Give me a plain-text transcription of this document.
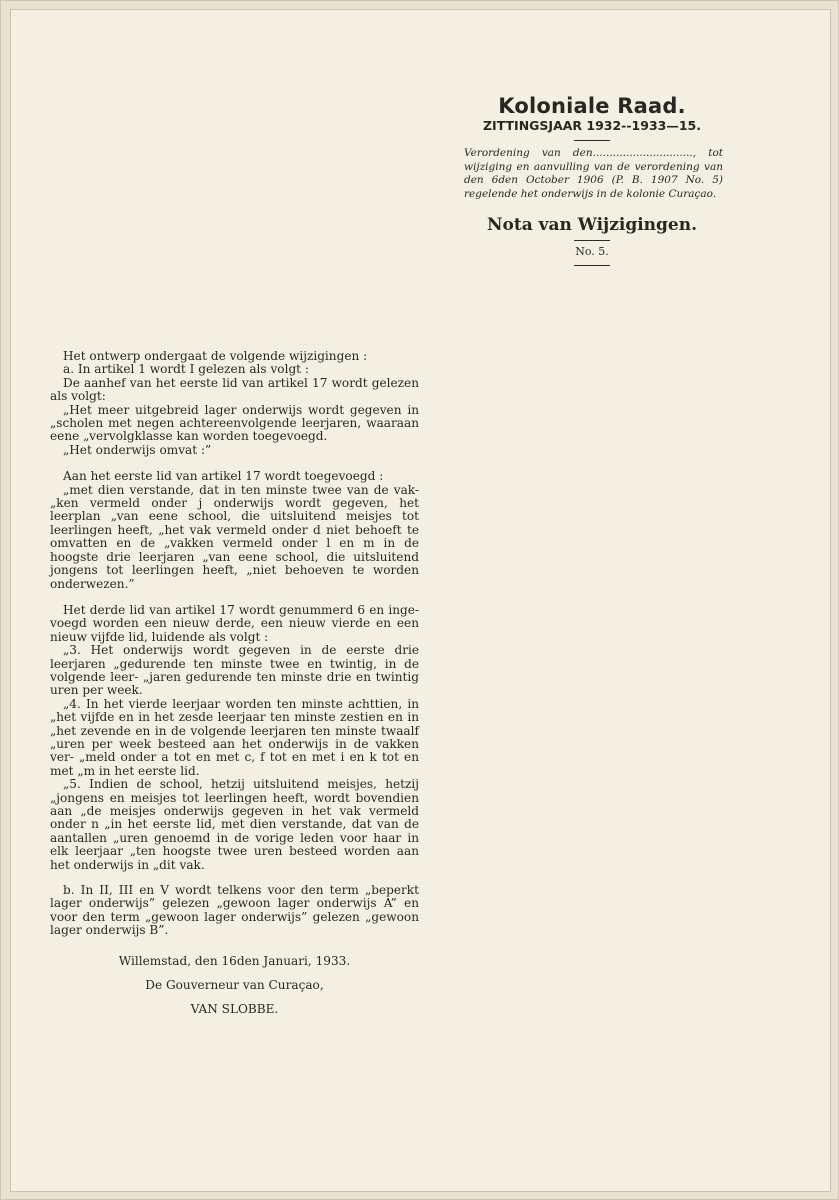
Koloniale Raad.
ZITTINGSJAAR 1932--1933—15.
Verordening van den.............................., tot wijziging en aanvulling van de verordening van den 6den October 1906 (P. B. 1907 No. 5) regelende het onderwijs in de kolonie Curaçao.
Nota van Wijzigingen.
No. 5.

Het ontwerp ondergaat de volgende wijzigingen :

a. In artikel 1 wordt I gelezen als volgt :

De aanhef van het eerste lid van artikel 17 wordt gelezen als volgt:

„Het meer uitgebreid lager onderwijs wordt gegeven in „scholen met negen achtereenvolgende leerjaren, waaraan eene „vervolgklasse kan worden toegevoegd.

„Het onderwijs omvat :”

Aan het eerste lid van artikel 17 wordt toegevoegd :

„met dien verstande, dat in ten minste twee van de vak- „ken vermeld onder j onderwijs wordt gegeven, het leerplan „van eene school, die uitsluitend meisjes tot leerlingen heeft, „het vak vermeld onder d niet behoeft te omvatten en de „vakken vermeld onder l en m in de hoogste drie leerjaren „van eene school, die uitsluitend jongens tot leerlingen heeft, „niet behoeven te worden onderwezen.”

Het derde lid van artikel 17 wordt genummerd 6 en inge- voegd worden een nieuw derde, een nieuw vierde en een nieuw vijfde lid, luidende als volgt :

„3. Het onderwijs wordt gegeven in de eerste drie leerjaren „gedurende ten minste twee en twintig, in de volgende leer- „jaren gedurende ten minste drie en twintig uren per week.

„4. In het vierde leerjaar worden ten minste achttien, in „het vijfde en in het zesde leerjaar ten minste zestien en in „het zevende en in de volgende leerjaren ten minste twaalf „uren per week besteed aan het onderwijs in de vakken ver- „meld onder a tot en met c, f tot en met i en k tot en met „m in het eerste lid.

„5. Indien de school, hetzij uitsluitend meisjes, hetzij „jongens en meisjes tot leerlingen heeft, wordt bovendien aan „de meisjes onderwijs gegeven in het vak vermeld onder n „in het eerste lid, met dien verstande, dat van de aantallen „uren genoemd in de vorige leden voor haar in elk leerjaar „ten hoogste twee uren besteed worden aan het onderwijs in „dit vak.

b. In II, III en V wordt telkens voor den term „beperkt lager onderwijs” gelezen „gewoon lager onderwijs A” en voor den term „gewoon lager onderwijs” gelezen „gewoon lager onderwijs B”.

Willemstad, den 16den Januari, 1933.

De Gouverneur van Curaçao,

VAN SLOBBE.
